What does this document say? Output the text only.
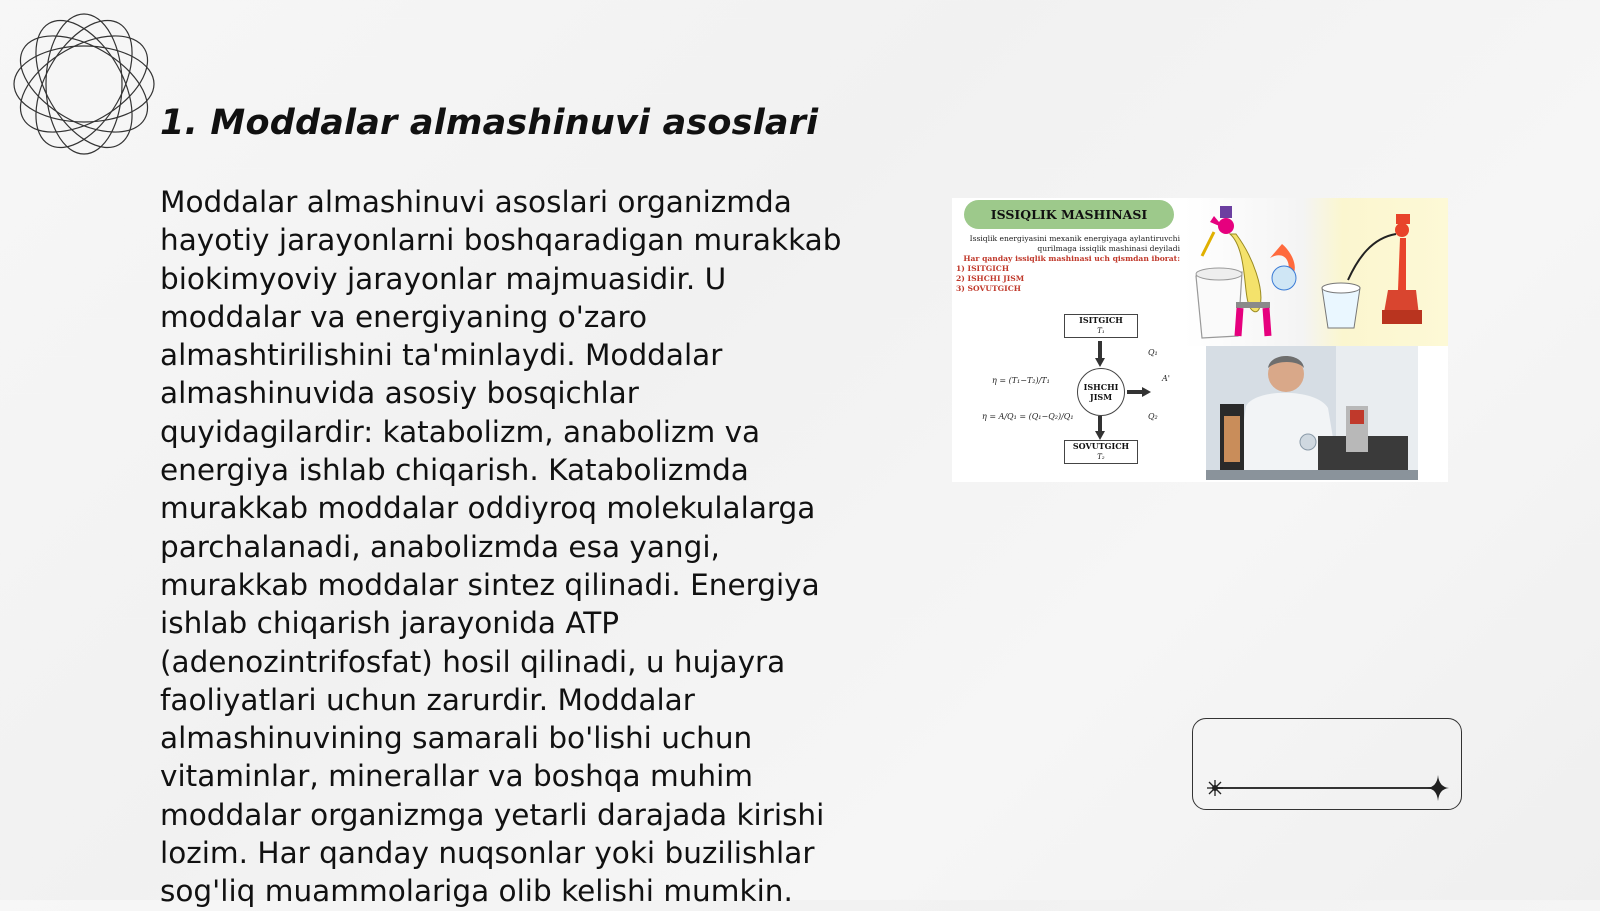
1. Moddalar almashinuvi asoslari

Moddalar almashinuvi asoslari organizmda hayotiy jarayonlarni boshqaradigan murakkab biokimyoviy jarayonlar majmuasidir. U moddalar va energiyaning o'zaro almashtirilishini ta'minlaydi. Moddalar almashinuvida asosiy bosqichlar quyidagilardir: katabolizm, anabolizm va energiya ishlab chiqarish. Katabolizmda murakkab moddalar oddiyroq molekulalarga parchalanadi, anabolizmda esa yangi, murakkab moddalar sintez qilinadi. Energiya ishlab chiqarish jarayonida ATP (adenozintrifosfat) hosil qilinadi, u hujayra faoliyatlari uchun zarurdir. Moddalar almashinuvining samarali bo'lishi uchun vitaminlar, minerallar va boshqa muhim moddalar organizmga yetarli darajada kirishi lozim. Har qanday nuqsonlar yoki buzilishlar sog'liq muammolariga olib kelishi mumkin.

ISSIQLIK MASHINASI
Issiqlik energiyasini mexanik energiyaga aylantiruvchi qurilmaga issiqlik mashinasi deyiladi
Har qanday issiqlik mashinasi uch qismdan iborat:
1) ISITGICH
2) ISHCHI JISM
3) SOVUTGICH
ISITGICH
T₁
ISHCHI JISM
SOVUTGICH
T₂
Q₁
A'
Q₂
η = (T₁−T₂)/T₁
η = A/Q₁ = (Q₁−Q₂)/Q₁
